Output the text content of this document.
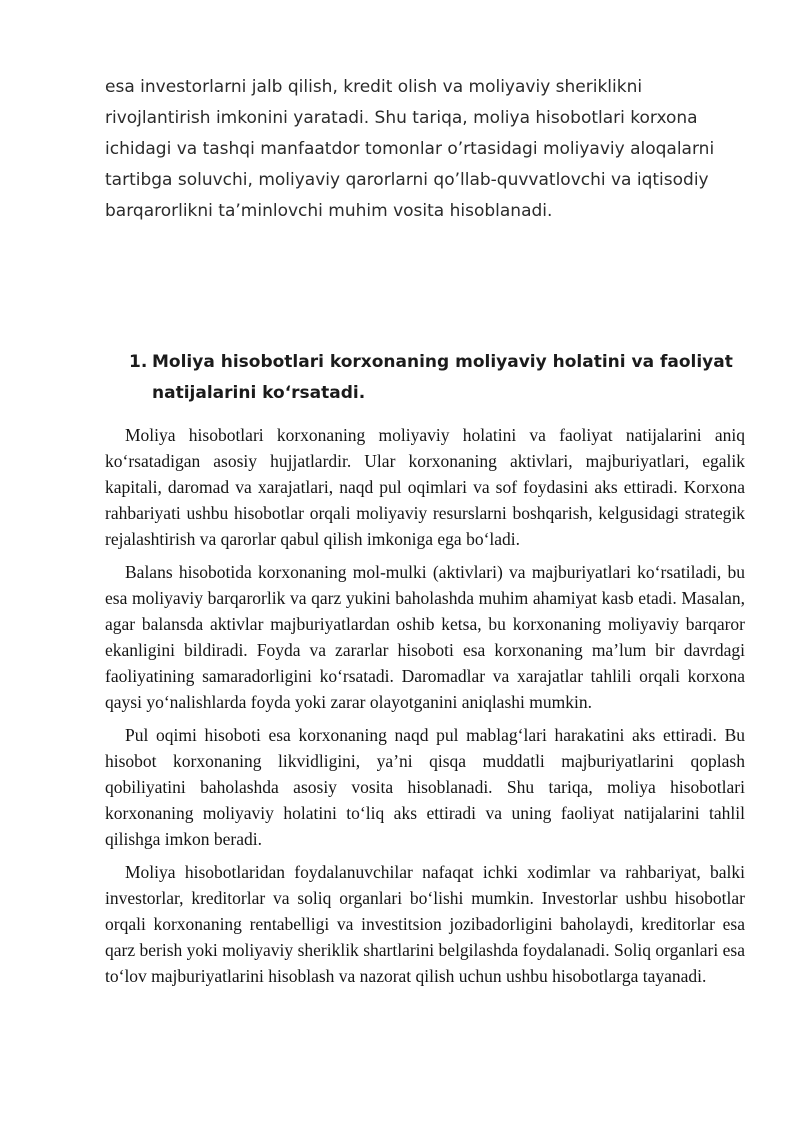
esa investorlarni jalb qilish, kredit olish va moliyaviy sheriklikni rivojlantirish imkonini yaratadi. Shu tariqa, moliya hisobotlari korxona ichidagi va tashqi manfaatdor tomonlar o’rtasidagi moliyaviy aloqalarni tartibga soluvchi, moliyaviy qarorlarni qo’llab-quvvatlovchi va iqtisodiy barqarorlikni ta’minlovchi muhim vosita hisoblanadi.

1. Moliya hisobotlari korxonaning moliyaviy holatini va faoliyat natijalarini ko‘rsatadi.

Moliya hisobotlari korxonaning moliyaviy holatini va faoliyat natijalarini aniq ko‘rsatadigan asosiy hujjatlardir. Ular korxonaning aktivlari, majburiyatlari, egalik kapitali, daromad va xarajatlari, naqd pul oqimlari va sof foydasini aks ettiradi. Korxona rahbariyati ushbu hisobotlar orqali moliyaviy resurslarni boshqarish, kelgusidagi strategik rejalashtirish va qarorlar qabul qilish imkoniga ega bo‘ladi.

Balans hisobotida korxonaning mol-mulki (aktivlari) va majburiyatlari ko‘rsatiladi, bu esa moliyaviy barqarorlik va qarz yukini baholashda muhim ahamiyat kasb etadi. Masalan, agar balansda aktivlar majburiyatlardan oshib ketsa, bu korxonaning moliyaviy barqaror ekanligini bildiradi. Foyda va zararlar hisoboti esa korxonaning ma’lum bir davrdagi faoliyatining samaradorligini ko‘rsatadi. Daromadlar va xarajatlar tahlili orqali korxona qaysi yo‘nalishlarda foyda yoki zarar olayotganini aniqlashi mumkin.

Pul oqimi hisoboti esa korxonaning naqd pul mablag‘lari harakatini aks ettiradi. Bu hisobot korxonaning likvidligini, ya’ni qisqa muddatli majburiyatlarini qoplash qobiliyatini baholashda asosiy vosita hisoblanadi. Shu tariqa, moliya hisobotlari korxonaning moliyaviy holatini to‘liq aks ettiradi va uning faoliyat natijalarini tahlil qilishga imkon beradi.

Moliya hisobotlaridan foydalanuvchilar nafaqat ichki xodimlar va rahbariyat, balki investorlar, kreditorlar va soliq organlari bo‘lishi mumkin. Investorlar ushbu hisobotlar orqali korxonaning rentabelligi va investitsion jozibadorligini baholaydi, kreditorlar esa qarz berish yoki moliyaviy sheriklik shartlarini belgilashda foydalanadi. Soliq organlari esa to‘lov majburiyatlarini hisoblash va nazorat qilish uchun ushbu hisobotlarga tayanadi.
